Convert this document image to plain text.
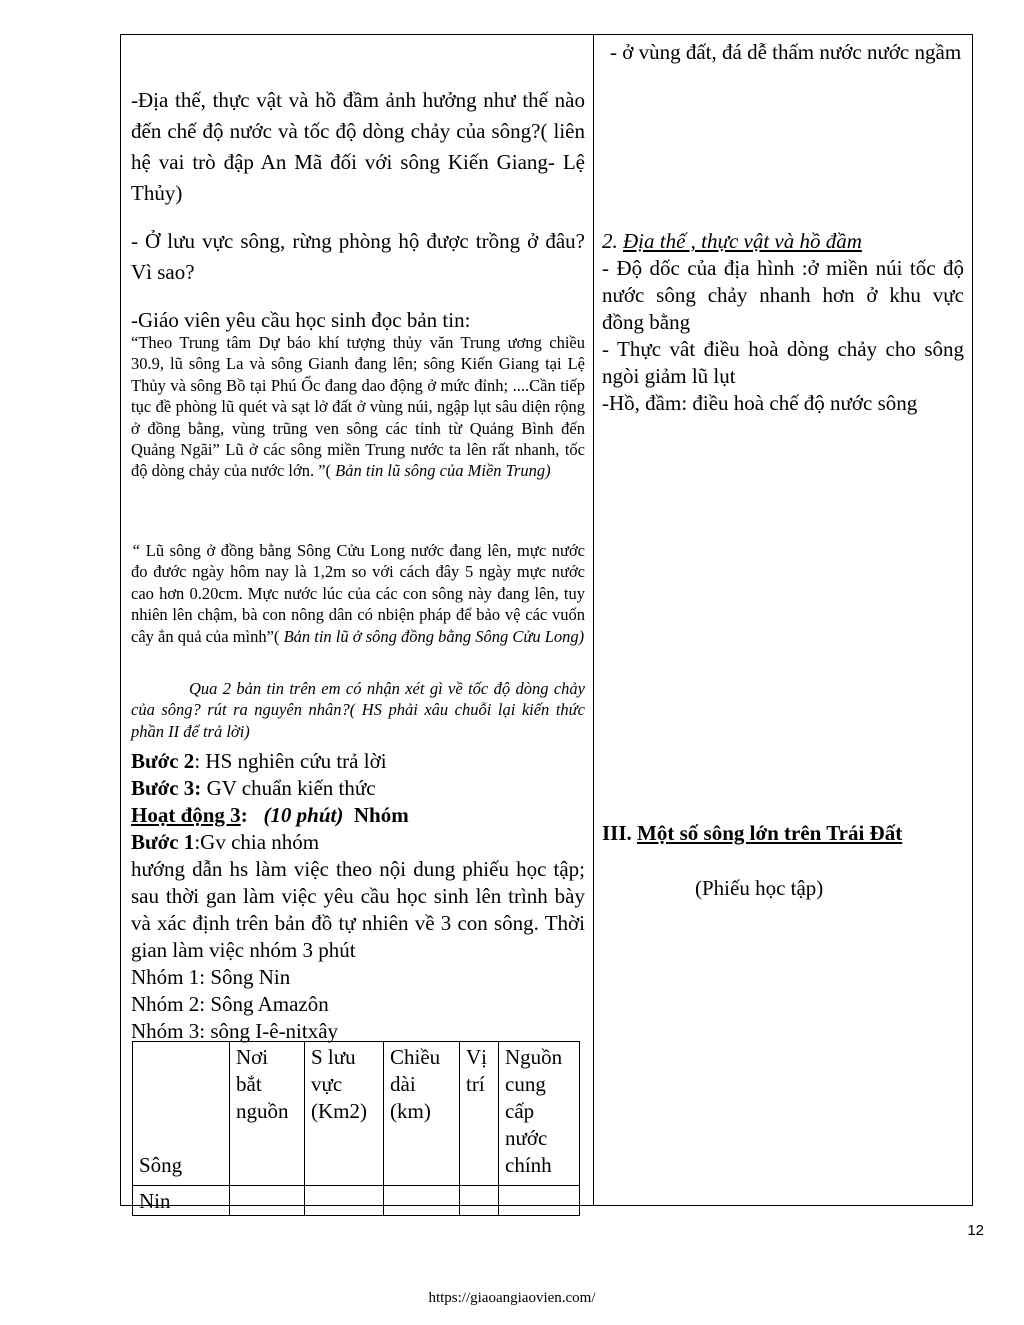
-Địa thế, thực vật và hồ đầm ảnh hưởng như thế nào đến chế độ nước và tốc độ dòng chảy của sông?( liên hệ vai trò đập An Mã đối với sông Kiến Giang- Lệ Thủy)

- Ở lưu vực sông, rừng phòng hộ được trồng ở đâu? Vì sao?

-Giáo viên yêu cầu học sinh đọc bản tin:

“Theo Trung tâm Dự báo khí tượng thủy văn Trung ương chiều 30.9, lũ sông La và sông Gianh đang lên; sông Kiến Giang tại Lệ Thủy và sông Bồ tại Phú Ốc đang dao động ở mức đỉnh; ....Cần tiếp tục đề phòng lũ quét và sạt lở đất ở vùng núi, ngập lụt sâu diện rộng ở đồng bằng, vùng trũng ven sông các tỉnh từ Quảng Bình đến Quảng Ngãi” Lũ ở các sông miền Trung nước ta lên rất nhanh, tốc độ dòng chảy của nước lớn. ”( Bản tin lũ sông của Miền Trung)

“ Lũ sông ở đồng bằng Sông Cửu Long nước đang lên, mực nước đo đước ngày hôm nay là 1,2m so với cách đây 5 ngày mực nước cao hơn 0.20cm. Mực nước lúc của các con sông này đang lên, tuy nhiên lên chậm, bà con nông dân có nbiện pháp để bảo vệ các vuốn cây ẳn quả của mình”( Bản tin lũ ở sông đồng bằng Sông Cửu Long)

Qua 2 bản tin trên em có nhận xét gì về tốc độ dòng chảy của sông? rút ra nguyên nhân?( HS phải xâu chuỗi lại kiến thức phần II để trả lời)

Bước 2: HS nghiên cứu trả lời

Bước 3: GV chuẩn kiến thức

Hoạt động 3: (10 phút) Nhóm

Bước 1:Gv chia nhóm

hướng dẫn hs làm việc theo nội dung phiếu học tập; sau thời gan làm việc yêu cầu học sinh lên trình bày và xác định trên bản đồ tự nhiên về 3 con sông. Thời gian làm việc nhóm 3 phút

Nhóm 1: Sông Nin

Nhóm 2: Sông Amazôn

Nhóm 3: sông I-ê-nitxây

Sông	Nơi bắt nguồn	S lưu vực (Km2)	Chiều dài (km)	Vị trí	Nguồn cung cấp nước chính
Nin					

- ở vùng đất, đá dễ thấm nước nước ngầm

2. Địa thế , thực vật và hồ đầm

- Độ dốc của địa hình :ở miền núi tốc độ nước sông chảy nhanh hơn ở khu vực đồng bằng

- Thực vât điều hoà dòng chảy cho sông ngòi giảm lũ lụt

-Hồ, đầm: điều hoà chế độ nước sông

III. Một số sông lớn trên Trái Đất

(Phiếu học tập)

12
https://giaoangiaovien.com/
